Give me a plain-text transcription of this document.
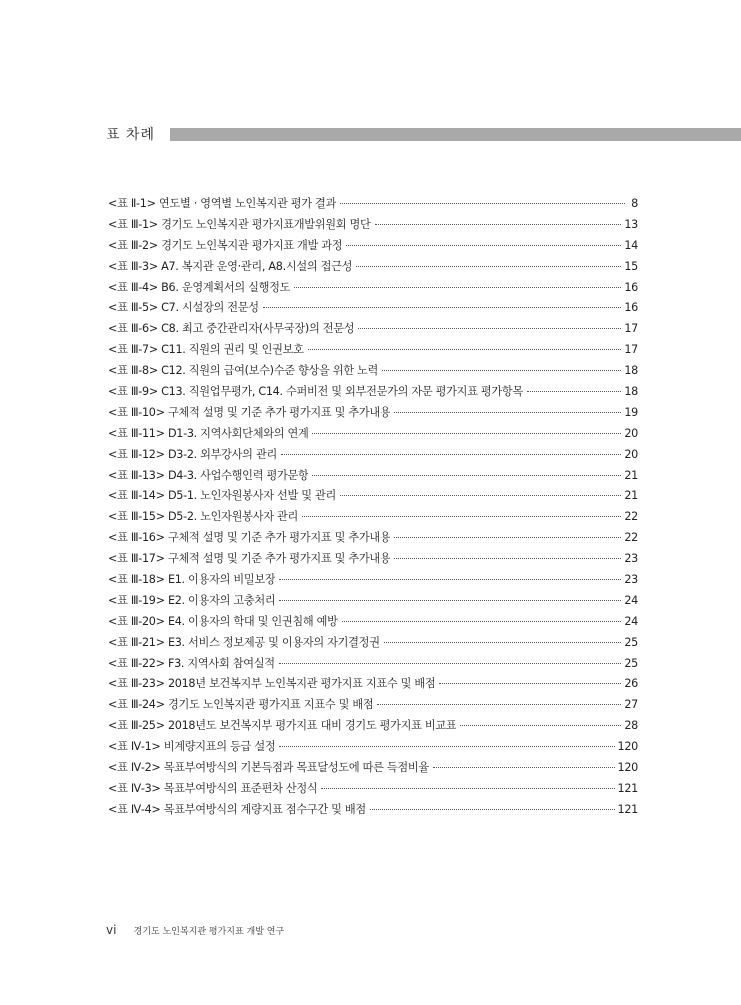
표 차례
<표 Ⅱ-1> 연도별 · 영역별 노인복지관 평가 결과	8
<표 Ⅲ-1> 경기도 노인복지관 평가지표개발위원회 명단	13
<표 Ⅲ-2> 경기도 노인복지관 평가지표 개발 과정	14
<표 Ⅲ-3> A7. 복지관 운영·관리, A8.시설의 접근성	15
<표 Ⅲ-4> B6. 운영계획서의 실행정도	16
<표 Ⅲ-5> C7. 시설장의 전문성	16
<표 Ⅲ-6> C8. 최고 중간관리자(사무국장)의 전문성	17
<표 Ⅲ-7> C11. 직원의 권리 및 인권보호	17
<표 Ⅲ-8> C12. 직원의 급여(보수)수준 향상을 위한 노력	18
<표 Ⅲ-9> C13. 직원업무평가, C14. 수퍼비전 및 외부전문가의 자문 평가지표 평가항목	18
<표 Ⅲ-10> 구체적 설명 및 기준 추가 평가지표 및 추가내용	19
<표 Ⅲ-11> D1-3. 지역사회단체와의 연계	20
<표 Ⅲ-12> D3-2. 외부강사의 관리	20
<표 Ⅲ-13> D4-3. 사업수행인력 평가문항	21
<표 Ⅲ-14> D5-1. 노인자원봉사자 선발 및 관리	21
<표 Ⅲ-15> D5-2. 노인자원봉사자 관리	22
<표 Ⅲ-16> 구체적 설명 및 기준 추가 평가지표 및 추가내용	22
<표 Ⅲ-17> 구체적 설명 및 기준 추가 평가지표 및 추가내용	23
<표 Ⅲ-18> E1. 이용자의 비밀보장	23
<표 Ⅲ-19> E2. 이용자의 고충처리	24
<표 Ⅲ-20> E4. 이용자의 학대 및 인권침해 예방	24
<표 Ⅲ-21> E3. 서비스 정보제공 및 이용자의 자기결정권	25
<표 Ⅲ-22> F3. 지역사회 참여실적	25
<표 Ⅲ-23> 2018년 보건복지부 노인복지관 평가지표 지표수 및 배점	26
<표 Ⅲ-24> 경기도 노인복지관 평가지표 지표수 및 배점	27
<표 Ⅲ-25> 2018년도 보건복지부 평가지표 대비 경기도 평가지표 비교표	28
<표 Ⅳ-1> 비계량지표의 등급 설정	120
<표 Ⅳ-2> 목표부여방식의 기본득점과 목표달성도에 따른 득점비율	120
<표 Ⅳ-3> 목표부여방식의 표준편차 산정식	121
<표 Ⅳ-4> 목표부여방식의 계량지표 점수구간 및 배점	121
vi 경기도 노인복지관 평가지표 개발 연구
